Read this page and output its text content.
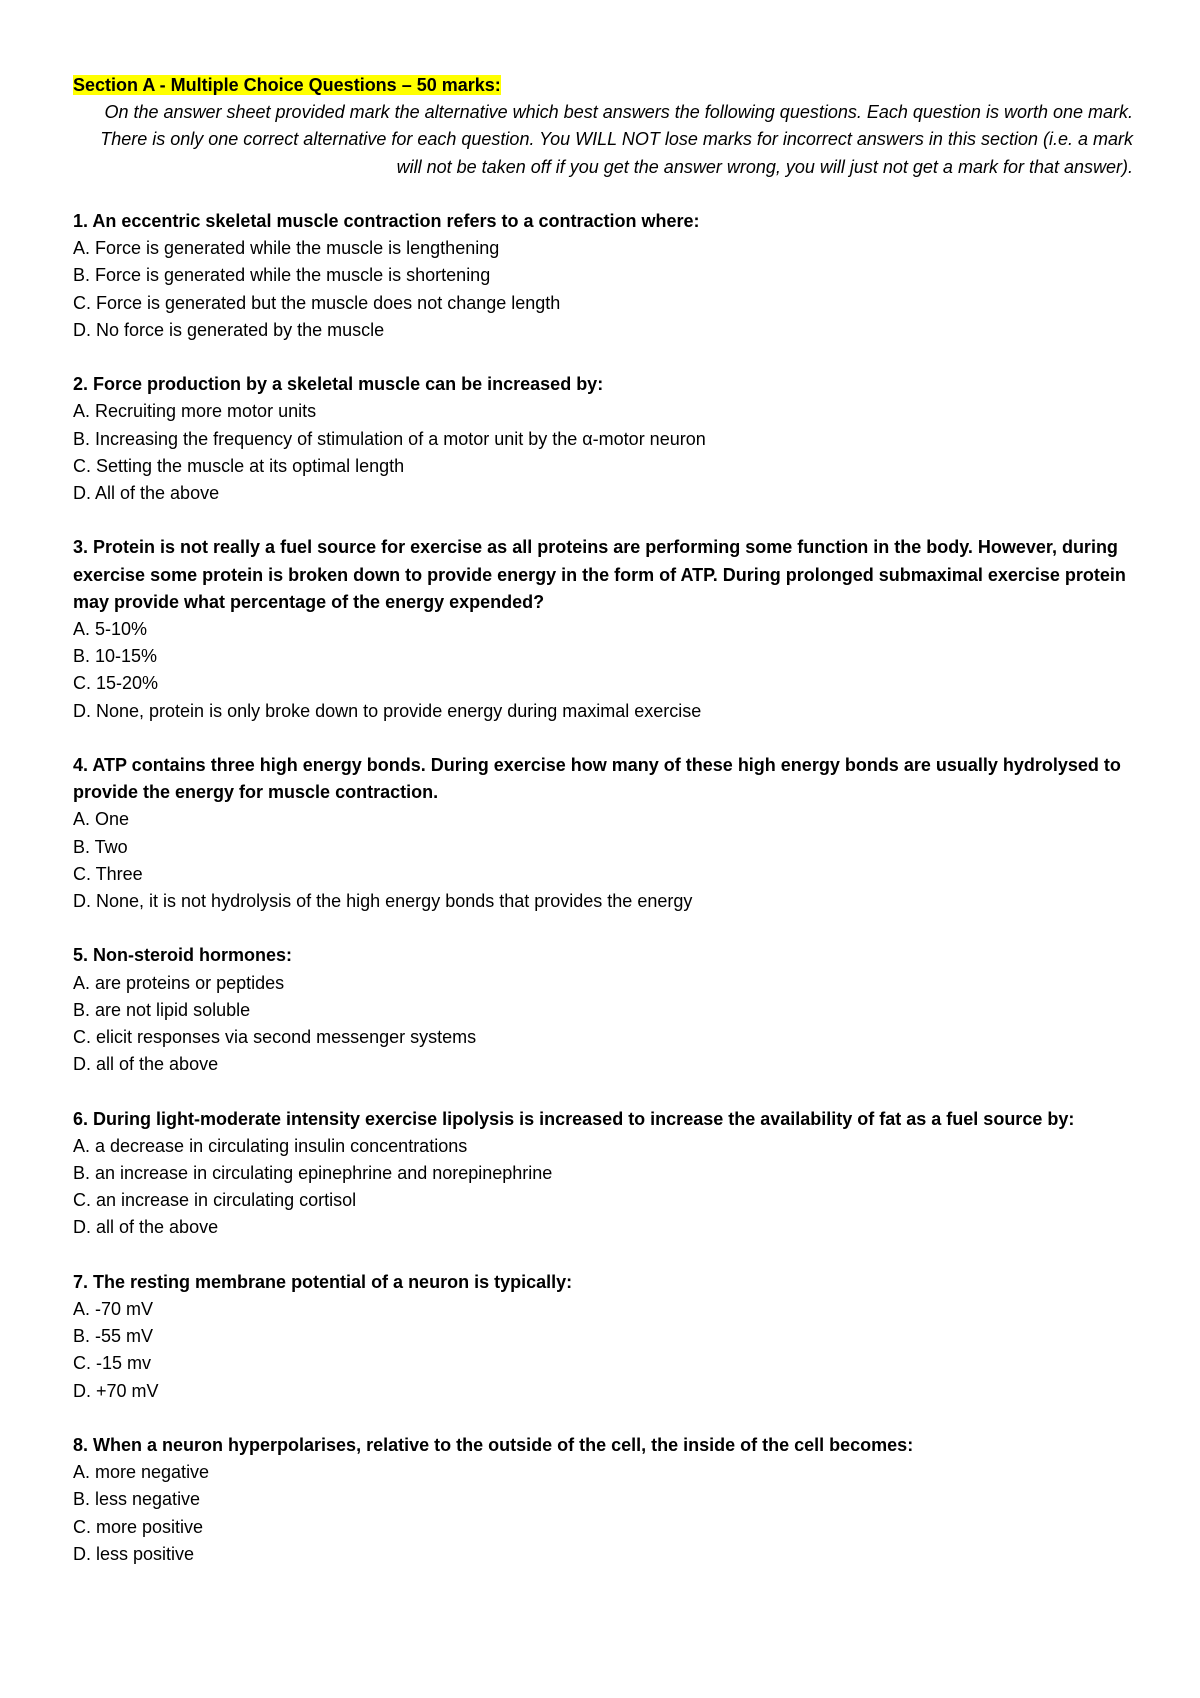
Section A - Multiple Choice Questions – 50 marks:

On the answer sheet provided mark the alternative which best answers the following questions. Each question is worth one mark. There is only one correct alternative for each question. You WILL NOT lose marks for incorrect answers in this section (i.e. a mark will not be taken off if you get the answer wrong, you will just not get a mark for that answer).

1. An eccentric skeletal muscle contraction refers to a contraction where:

A. Force is generated while the muscle is lengthening

B. Force is generated while the muscle is shortening

C. Force is generated but the muscle does not change length

D. No force is generated by the muscle

2. Force production by a skeletal muscle can be increased by:

A. Recruiting more motor units

B. Increasing the frequency of stimulation of a motor unit by the α-motor neuron

C. Setting the muscle at its optimal length

D. All of the above

3. Protein is not really a fuel source for exercise as all proteins are performing some function in the body. However, during exercise some protein is broken down to provide energy in the form of ATP. During prolonged submaximal exercise protein may provide what percentage of the energy expended?

A. 5-10%

B. 10-15%

C. 15-20%

D. None, protein is only broke down to provide energy during maximal exercise

4. ATP contains three high energy bonds. During exercise how many of these high energy bonds are usually hydrolysed to provide the energy for muscle contraction.

A. One

B. Two

C. Three

D. None, it is not hydrolysis of the high energy bonds that provides the energy

5. Non-steroid hormones:

A. are proteins or peptides

B. are not lipid soluble

C. elicit responses via second messenger systems

D. all of the above

6. During light-moderate intensity exercise lipolysis is increased to increase the availability of fat as a fuel source by:

A. a decrease in circulating insulin concentrations

B. an increase in circulating epinephrine and norepinephrine

C. an increase in circulating cortisol

D. all of the above

7. The resting membrane potential of a neuron is typically:

A. -70 mV

B. -55 mV

C. -15 mv

D. +70 mV

8. When a neuron hyperpolarises, relative to the outside of the cell, the inside of the cell becomes:

A. more negative

B. less negative

C. more positive

D. less positive
